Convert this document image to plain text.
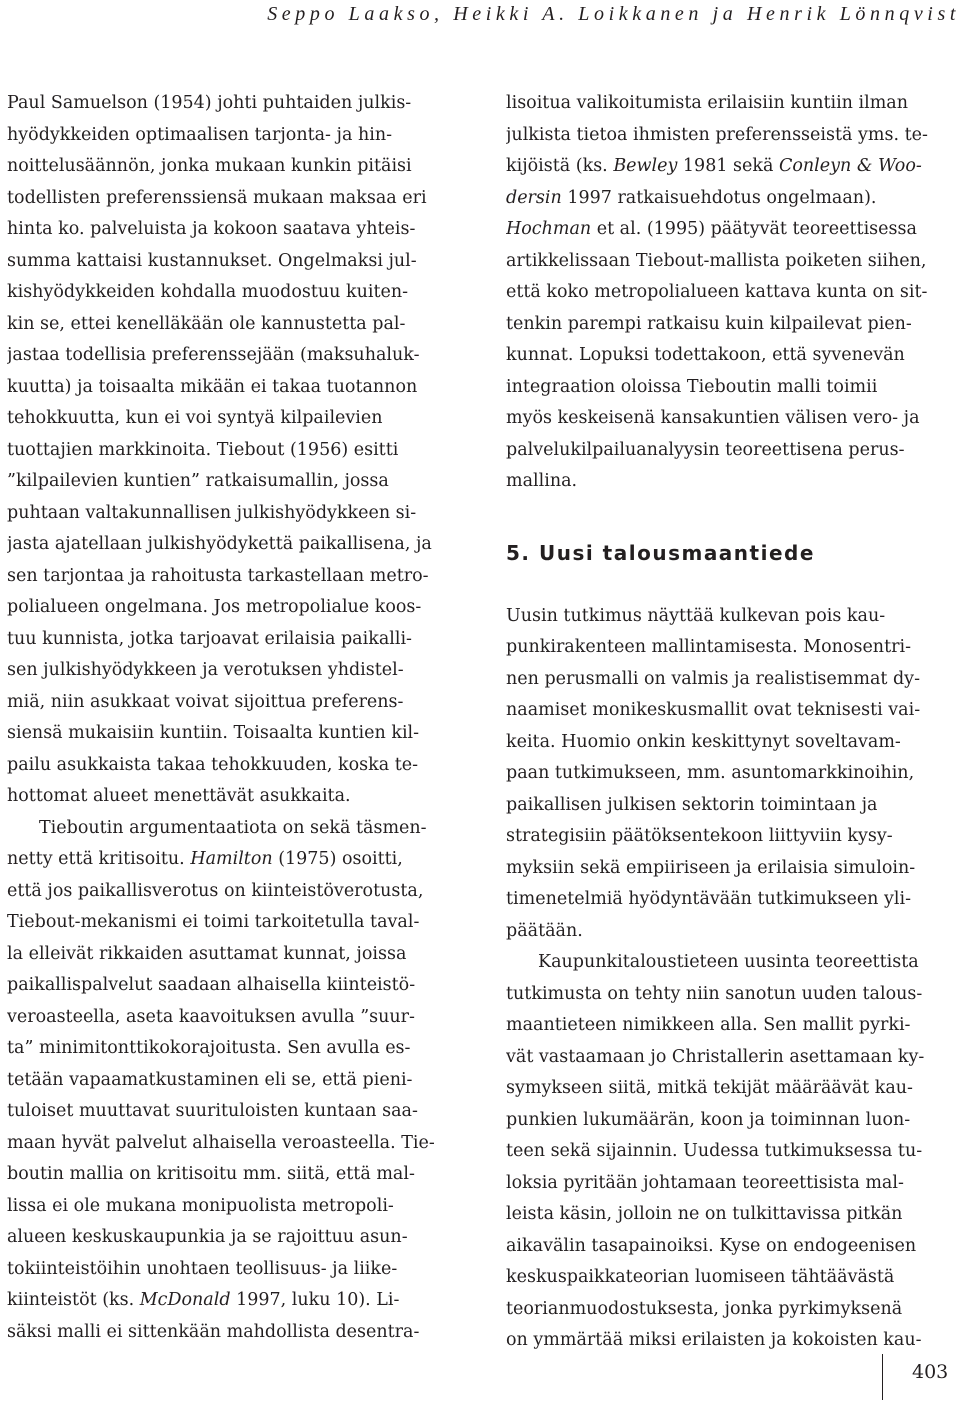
Seppo Laakso, Heikki A. Loikkanen ja Henrik Lönnqvist

Paul Samuelson (1954) johti puhtaiden julkis-
hyödykkeiden optimaalisen tarjonta- ja hin-
noittelusäännön, jonka mukaan kunkin pitäisi
todellisten preferenssiensä mukaan maksaa eri
hinta ko. palveluista ja kokoon saatava yhteis-
summa kattaisi kustannukset. Ongelmaksi jul-
kishyödykkeiden kohdalla muodostuu kuiten-
kin se, ettei kenelläkään ole kannustetta pal-
jastaa todellisia preferenssejään (maksuhaluk-
kuutta) ja toisaalta mikään ei takaa tuotannon
tehokkuutta, kun ei voi syntyä kilpailevien
tuottajien markkinoita. Tiebout (1956) esitti
”kilpailevien kuntien” ratkaisumallin, jossa
puhtaan valtakunnallisen julkishyödykkeen si-
jasta ajatellaan julkishyödykettä paikallisena, ja
sen tarjontaa ja rahoitusta tarkastellaan metro-
polialueen ongelmana. Jos metropolialue koos-
tuu kunnista, jotka tarjoavat erilaisia paikalli-
sen julkishyödykkeen ja verotuksen yhdistel-
miä, niin asukkaat voivat sijoittua preferens-
siensä mukaisiin kuntiin. Toisaalta kuntien kil-
pailu asukkaista takaa tehokkuuden, koska te-
hottomat alueet menettävät asukkaita.

Tieboutin argumentaatiota on sekä täsmen-
netty että kritisoitu. Hamilton (1975) osoitti,
että jos paikallisverotus on kiinteistöverotusta,
Tiebout-mekanismi ei toimi tarkoitetulla taval-
la elleivät rikkaiden asuttamat kunnat, joissa
paikallispalvelut saadaan alhaisella kiinteistö-
veroasteella, aseta kaavoituksen avulla ”suur-
ta” minimitonttikokorajoitusta. Sen avulla es-
tetään vapaamatkustaminen eli se, että pieni-
tuloiset muuttavat suurituloisten kuntaan saa-
maan hyvät palvelut alhaisella veroasteella. Tie-
boutin mallia on kritisoitu mm. siitä, että mal-
lissa ei ole mukana monipuolista metropoli-
alueen keskuskaupunkia ja se rajoittuu asun-
tokiinteistöihin unohtaen teollisuus- ja liike-
kiinteistöt (ks. McDonald 1997, luku 10). Li-
säksi malli ei sittenkään mahdollista desentra-

lisoitua valikoitumista erilaisiin kuntiin ilman
julkista tietoa ihmisten preferensseistä yms. te-
kijöistä (ks. Bewley 1981 sekä Conleyn & Woo-
dersin 1997 ratkaisuehdotus ongelmaan).
Hochman et al. (1995) päätyvät teoreettisessa
artikkelissaan Tiebout-mallista poiketen siihen,
että koko metropolialueen kattava kunta on sit-
tenkin parempi ratkaisu kuin kilpailevat pien-
kunnat. Lopuksi todettakoon, että syvenevän
integraation oloissa Tieboutin malli toimii
myös keskeisenä kansakuntien välisen vero- ja
palvelukilpailuanalyysin teoreettisena perus-
mallina.

5. Uusi talousmaantiede

Uusin tutkimus näyttää kulkevan pois kau-
punkirakenteen mallintamisesta. Monosentri-
nen perusmalli on valmis ja realistisemmat dy-
naamiset monikeskusmallit ovat teknisesti vai-
keita. Huomio onkin keskittynyt soveltavam-
paan tutkimukseen, mm. asuntomarkkinoihin,
paikallisen julkisen sektorin toimintaan ja
strategisiin päätöksentekoon liittyviin kysy-
myksiin sekä empiiriseen ja erilaisia simuloin-
timenetelmiä hyödyntävään tutkimukseen yli-
päätään.

Kaupunkitaloustieteen uusinta teoreettista
tutkimusta on tehty niin sanotun uuden talous-
maantieteen nimikkeen alla. Sen mallit pyrki-
vät vastaamaan jo Christallerin asettamaan ky-
symykseen siitä, mitkä tekijät määräävät kau-
punkien lukumäärän, koon ja toiminnan luon-
teen sekä sijainnin. Uudessa tutkimuksessa tu-
loksia pyritään johtamaan teoreettisista mal-
leista käsin, jolloin ne on tulkittavissa pitkän
aikavälin tasapainoiksi. Kyse on endogeenisen
keskuspaikkateorian luomiseen tähtäävästä
teorianmuodostuksesta, jonka pyrkimyksenä
on ymmärtää miksi erilaisten ja kokoisten kau-

403
